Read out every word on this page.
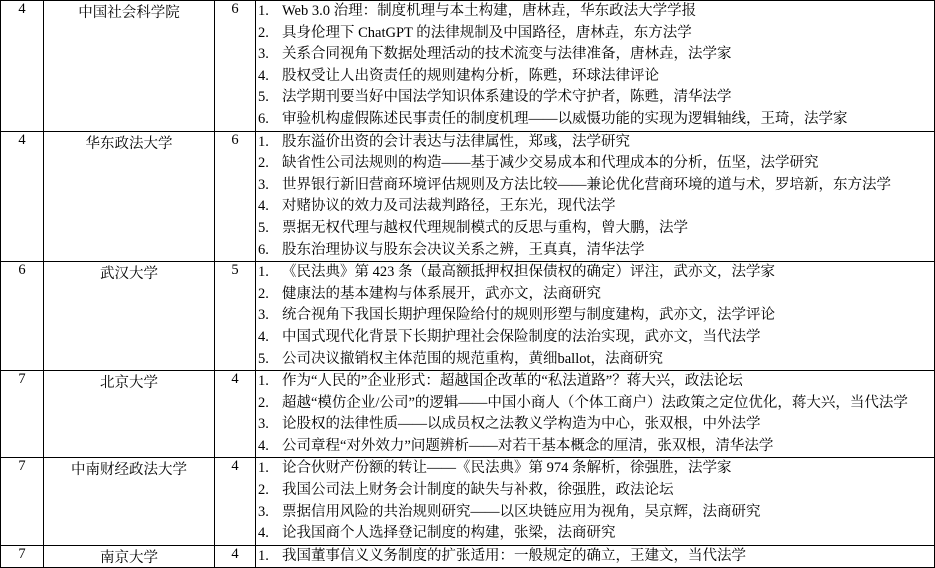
4	中国社会科学院	6	1. Web 3.0 治理：制度机理与本土构建，唐林垚，华东政法大学学报
2. 具身伦理下 ChatGPT 的法律规制及中国路径，唐林垚，东方法学
3. 关系合同视角下数据处理活动的技术流变与法律准备，唐林垚，法学家
4. 股权受让人出资责任的规则建构分析，陈甦，环球法律评论
5. 法学期刊要当好中国法学知识体系建设的学术守护者，陈甦，清华法学
6. 审验机构虚假陈述民事责任的制度机理——以威慑功能的实现为逻辑轴线，王琦，法学家

4	华东政法大学	6	1. 股东溢价出资的会计表达与法律属性，郑彧，法学研究
2. 缺省性公司法规则的构造——基于减少交易成本和代理成本的分析，伍坚，法学研究
3. 世界银行新旧营商环境评估规则及方法比较——兼论优化营商环境的道与术，罗培新，东方法学
4. 对赌协议的效力及司法裁判路径，王东光，现代法学
5. 票据无权代理与越权代理规制模式的反思与重构，曾大鹏，法学
6. 股东治理协议与股东会决议关系之辨，王真真，清华法学

6	武汉大学	5	1. 《民法典》第 423 条（最高额抵押权担保债权的确定）评注，武亦文，法学家
2. 健康法的基本建构与体系展开，武亦文，法商研究
3. 统合视角下我国长期护理保险给付的规则形塑与制度建构，武亦文，法学评论
4. 中国式现代化背景下长期护理社会保险制度的法治实现，武亦文，当代法学
5. 公司决议撤销权主体范围的规范重构，黄细ballot，法商研究

7	北京大学	4	1. 作为“人民的”企业形式：超越国企改革的“私法道路”？蒋大兴，政法论坛
2. 超越“模仿企业/公司”的逻辑——中国小商人（个体工商户）法政策之定位优化，蒋大兴，当代法学
3. 论股权的法律性质——以成员权之法教义学构造为中心，张双根，中外法学
4. 公司章程“对外效力”问题辨析——对若干基本概念的厘清，张双根，清华法学

7	中南财经政法大学	4	1. 论合伙财产份额的转让——《民法典》第 974 条解析，徐强胜，法学家
2. 我国公司法上财务会计制度的缺失与补救，徐强胜，政法论坛
3. 票据信用风险的共治规则研究——以区块链应用为视角，吴京辉，法商研究
4. 论我国商个人选择登记制度的构建，张梁，法商研究

7	南京大学	4	1. 我国董事信义义务制度的扩张适用：一般规定的确立，王建文，当代法学
